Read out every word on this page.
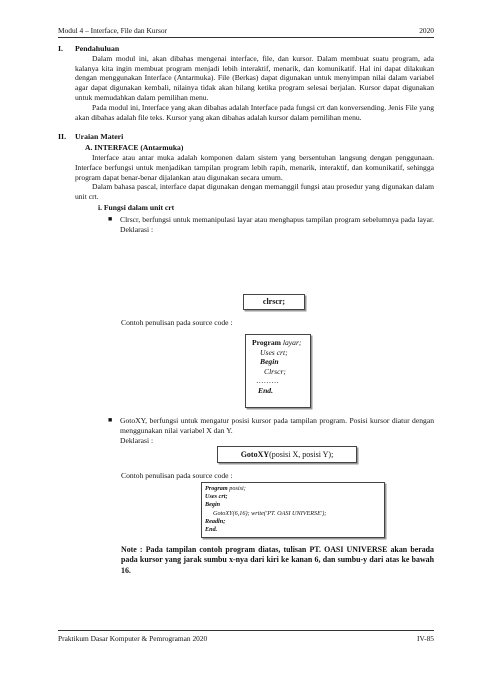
Modul 4 – Interface, File dan Kursor	2020
I.	Pendahuluan

Dalam modul ini, akan dibahas mengenai interface, file, dan kursor. Dalam membuat suatu program, ada kalanya kita ingin membuat program menjadi lebih interaktif, menarik, dan komunikatif. Hal ini dapat dilakukan dengan menggunakan Interface (Antarmuka). File (Berkas) dapat digunakan untuk menyimpan nilai dalam variabel agar dapat digunakan kembali, nilainya tidak akan hilang ketika program selesai berjalan. Kursor dapat digunakan untuk memudahkan dalam pemilihan menu.

Pada modul ini, Interface yang akan dibahas adalah Interface pada fungsi crt dan konversending. Jenis File yang akan dibahas adalah file teks. Kursor yang akan dibahas adalah kursor dalam pemilihan menu.

II.	Uraian Materi
A. INTERFACE (Antarmuka)

Interface atau antar muka adalah komponen dalam sistem yang bersentuhan langsung dengan penggunaan. Interface berfungsi untuk menjadikan tampilan program lebih rapih, menarik, interaktif, dan komunikatif, sehingga program dapat benar-benar dijalankan atau digunakan secara umum.

Dalam bahasa pascal, interface dapat digunakan dengan memanggil fungsi atau prosedur yang digunakan dalam unit crt.

i. Fungsi dalam unit crt
■	Clrscr, berfungsi untuk memanipulasi layar atau menghapus tampilan program sebelumnya pada layar. Deklarasi :
clrscr;
Contoh penulisan pada source code :
Program layar;
Uses crt;
Begin
Clrscr;
………
End.
■	GotoXY, berfungsi untuk mengatur posisi kursor pada tampilan program. Posisi kursor diatur dengan menggunakan nilai variabel X dan Y.
Deklarasi :
GotoXY(posisi X, posisi Y);
Contoh penulisan pada source code :
Program posisi;
Uses crt;
Begin
GotoXY(6,16); write('PT. OASI UNIVERSE');
Readln;
End.
Note : Pada tampilan contoh program diatas, tulisan PT. OASI UNIVERSE akan berada pada kursor yang jarak sumbu x-nya dari kiri ke kanan 6, dan sumbu-y dari atas ke bawah 16.
Praktikum Dasar Komputer & Pemrograman 2020	IV-85
